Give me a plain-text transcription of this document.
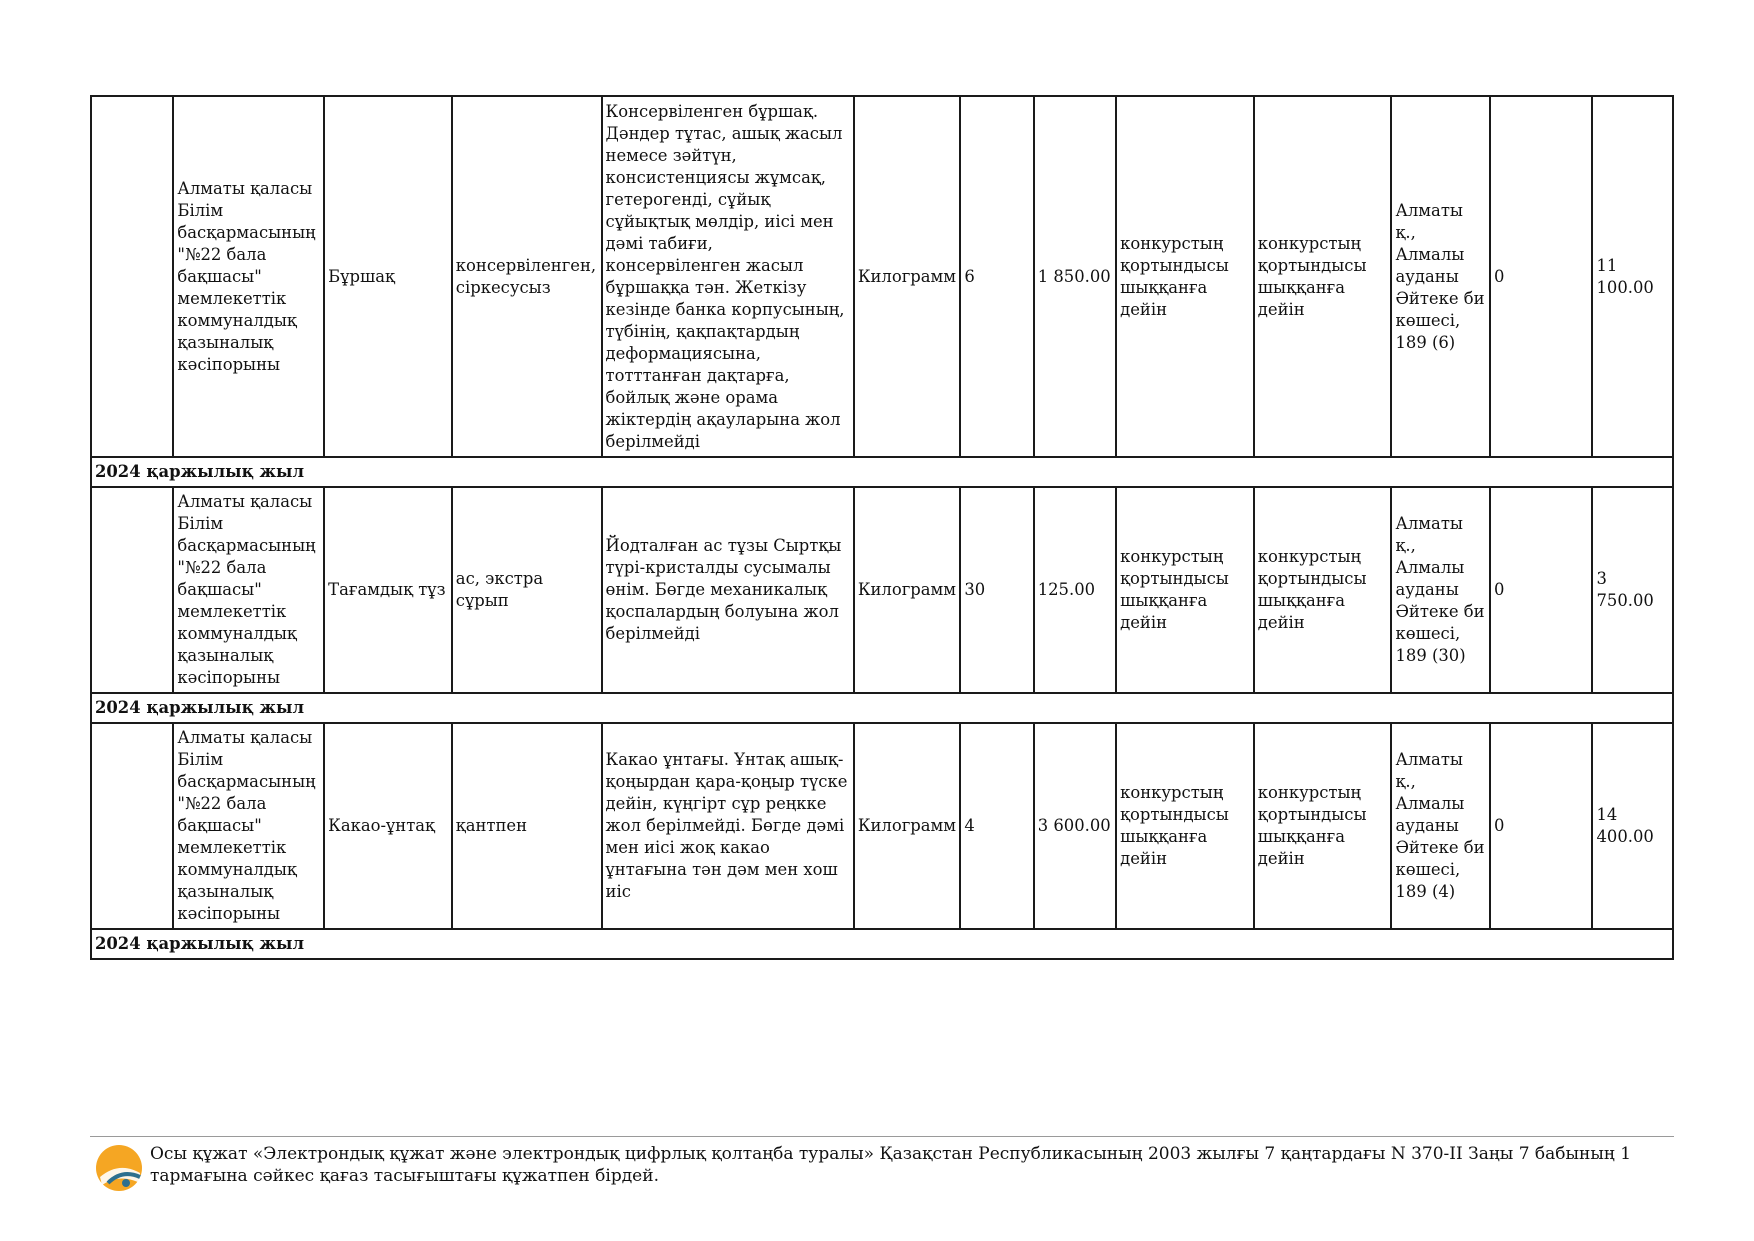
	Алматы қаласы Білім басқармасының "№22 бала бақшасы" мемлекеттік коммуналдық қазыналық кәсіпорыны	Бұршақ	консервіленген, сіркесусыз	Консервіленген бұршақ. Дәндер тұтас, ашық жасыл немесе зәйтүн, консистенциясы жұмсақ, гетерогенді, сұйық сұйықтық мөлдір, иісі мен дәмі табиғи, консервіленген жасыл бұршаққа тән. Жеткізу кезінде банка корпусының, түбінің, қақпақтардың деформациясына, тотттанған дақтарға, бойлық және орама жіктердің ақауларына жол берілмейді	Килограмм	6	1 850.00	конкурстың қортындысы шыққанға дейін	конкурстың қортындысы шыққанға дейін	Алматы қ., Алмалы ауданы Әйтеке би көшесі, 189 (6)	0	11 100.00
2024 қаржылық жыл												
	Алматы қаласы Білім басқармасының "№22 бала бақшасы" мемлекеттік коммуналдық қазыналық кәсіпорыны	Тағамдық тұз	ас, экстра сұрып	Йодталған ас тұзы Сыртқы түрі-кристалды сусымалы өнім. Бөгде механикалық қоспалардың болуына жол берілмейді	Килограмм	30	125.00	конкурстың қортындысы шыққанға дейін	конкурстың қортындысы шыққанға дейін	Алматы қ., Алмалы ауданы Әйтеке би көшесі, 189 (30)	0	3 750.00
2024 қаржылық жыл												
	Алматы қаласы Білім басқармасының "№22 бала бақшасы" мемлекеттік коммуналдық қазыналық кәсіпорыны	Какао-ұнтақ	қантпен	Какао ұнтағы. Ұнтақ ашық-қоңырдан қара-қоңыр түске дейін, күңгірт сұр реңкке жол берілмейді. Бөгде дәмі мен иісі жоқ какао ұнтағына тән дәм мен хош иіс	Килограмм	4	3 600.00	конкурстың қортындысы шыққанға дейін	конкурстың қортындысы шыққанға дейін	Алматы қ., Алмалы ауданы Әйтеке би көшесі, 189 (4)	0	14 400.00
2024 қаржылық жыл												
Осы құжат «Электрондық құжат және электрондық цифрлық қолтаңба туралы» Қазақстан Республикасының 2003 жылғы 7 қаңтардағы N 370-II Заңы 7 бабының 1 тармағына сәйкес қағаз тасығыштағы құжатпен бірдей.
